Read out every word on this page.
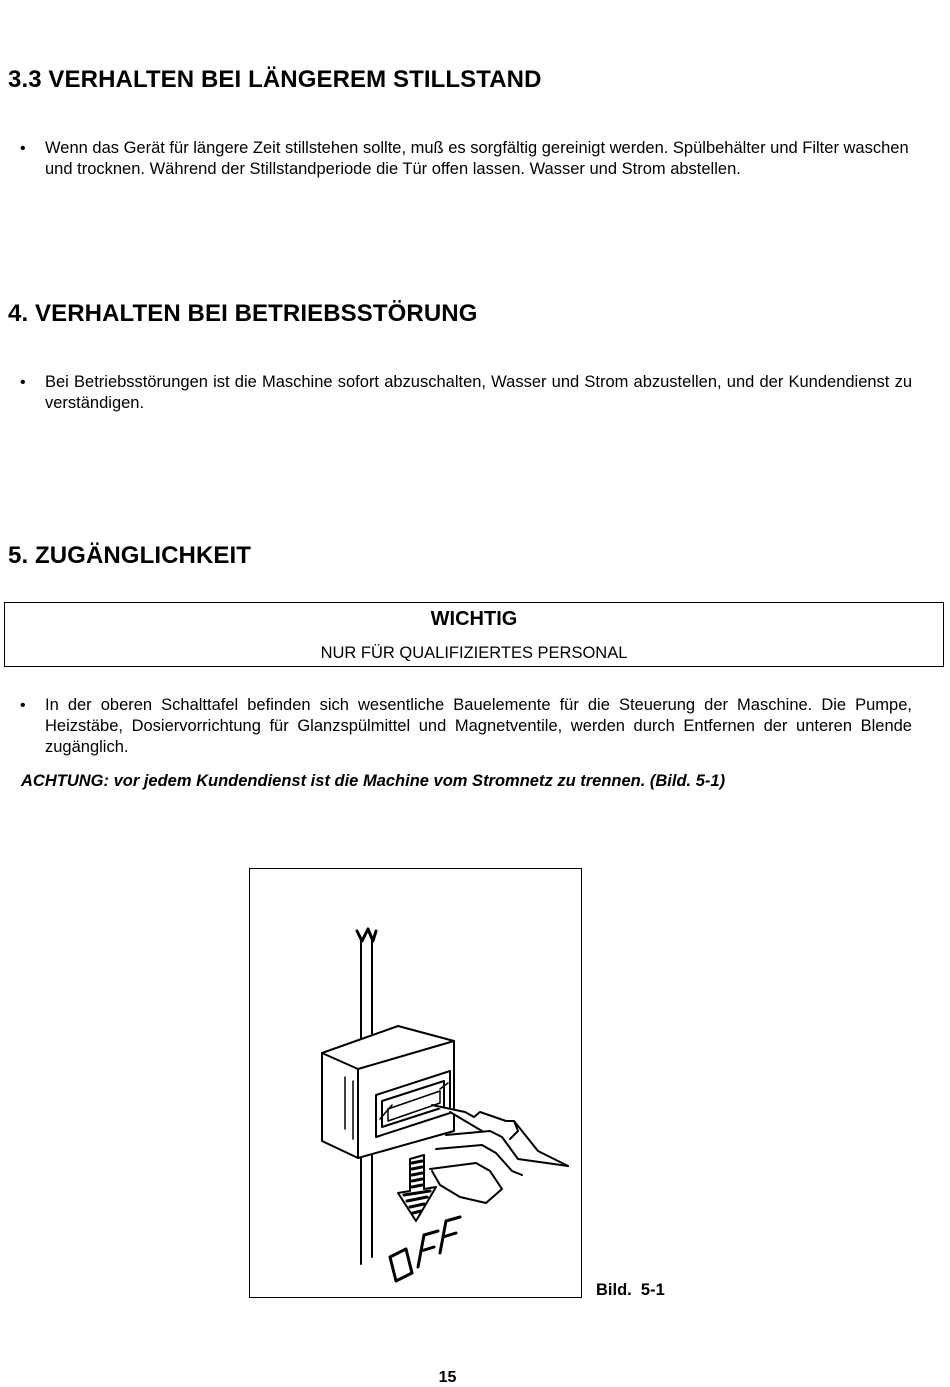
3.3 VERHALTEN BEI LÄNGEREM STILLSTAND
• Wenn das Gerät für längere Zeit stillstehen sollte, muß es sorgfältig gereinigt werden. Spülbehälter und Filter waschen und trocknen. Während der Stillstandperiode die Tür offen lassen. Wasser und Strom abstellen.
4. VERHALTEN BEI BETRIEBSSTÖRUNG
• Bei Betriebsstörungen ist die Maschine sofort abzuschalten, Wasser und Strom abzustellen, und der Kundendienst zu verständigen.
5. ZUGÄNGLICHKEIT
WICHTIG
NUR FÜR QUALIFIZIERTES PERSONAL
• In der oberen Schalttafel befinden sich wesentliche Bauelemente für die Steuerung der Maschine. Die Pumpe, Heizstäbe, Dosiervorrichtung für Glanzspülmittel und Magnetventile, werden durch Entfernen der unteren Blende zugänglich.
ACHTUNG: vor jedem Kundendienst ist die Machine vom Stromnetz zu trennen. (Bild. 5-1)
Bild.  5-1
15
